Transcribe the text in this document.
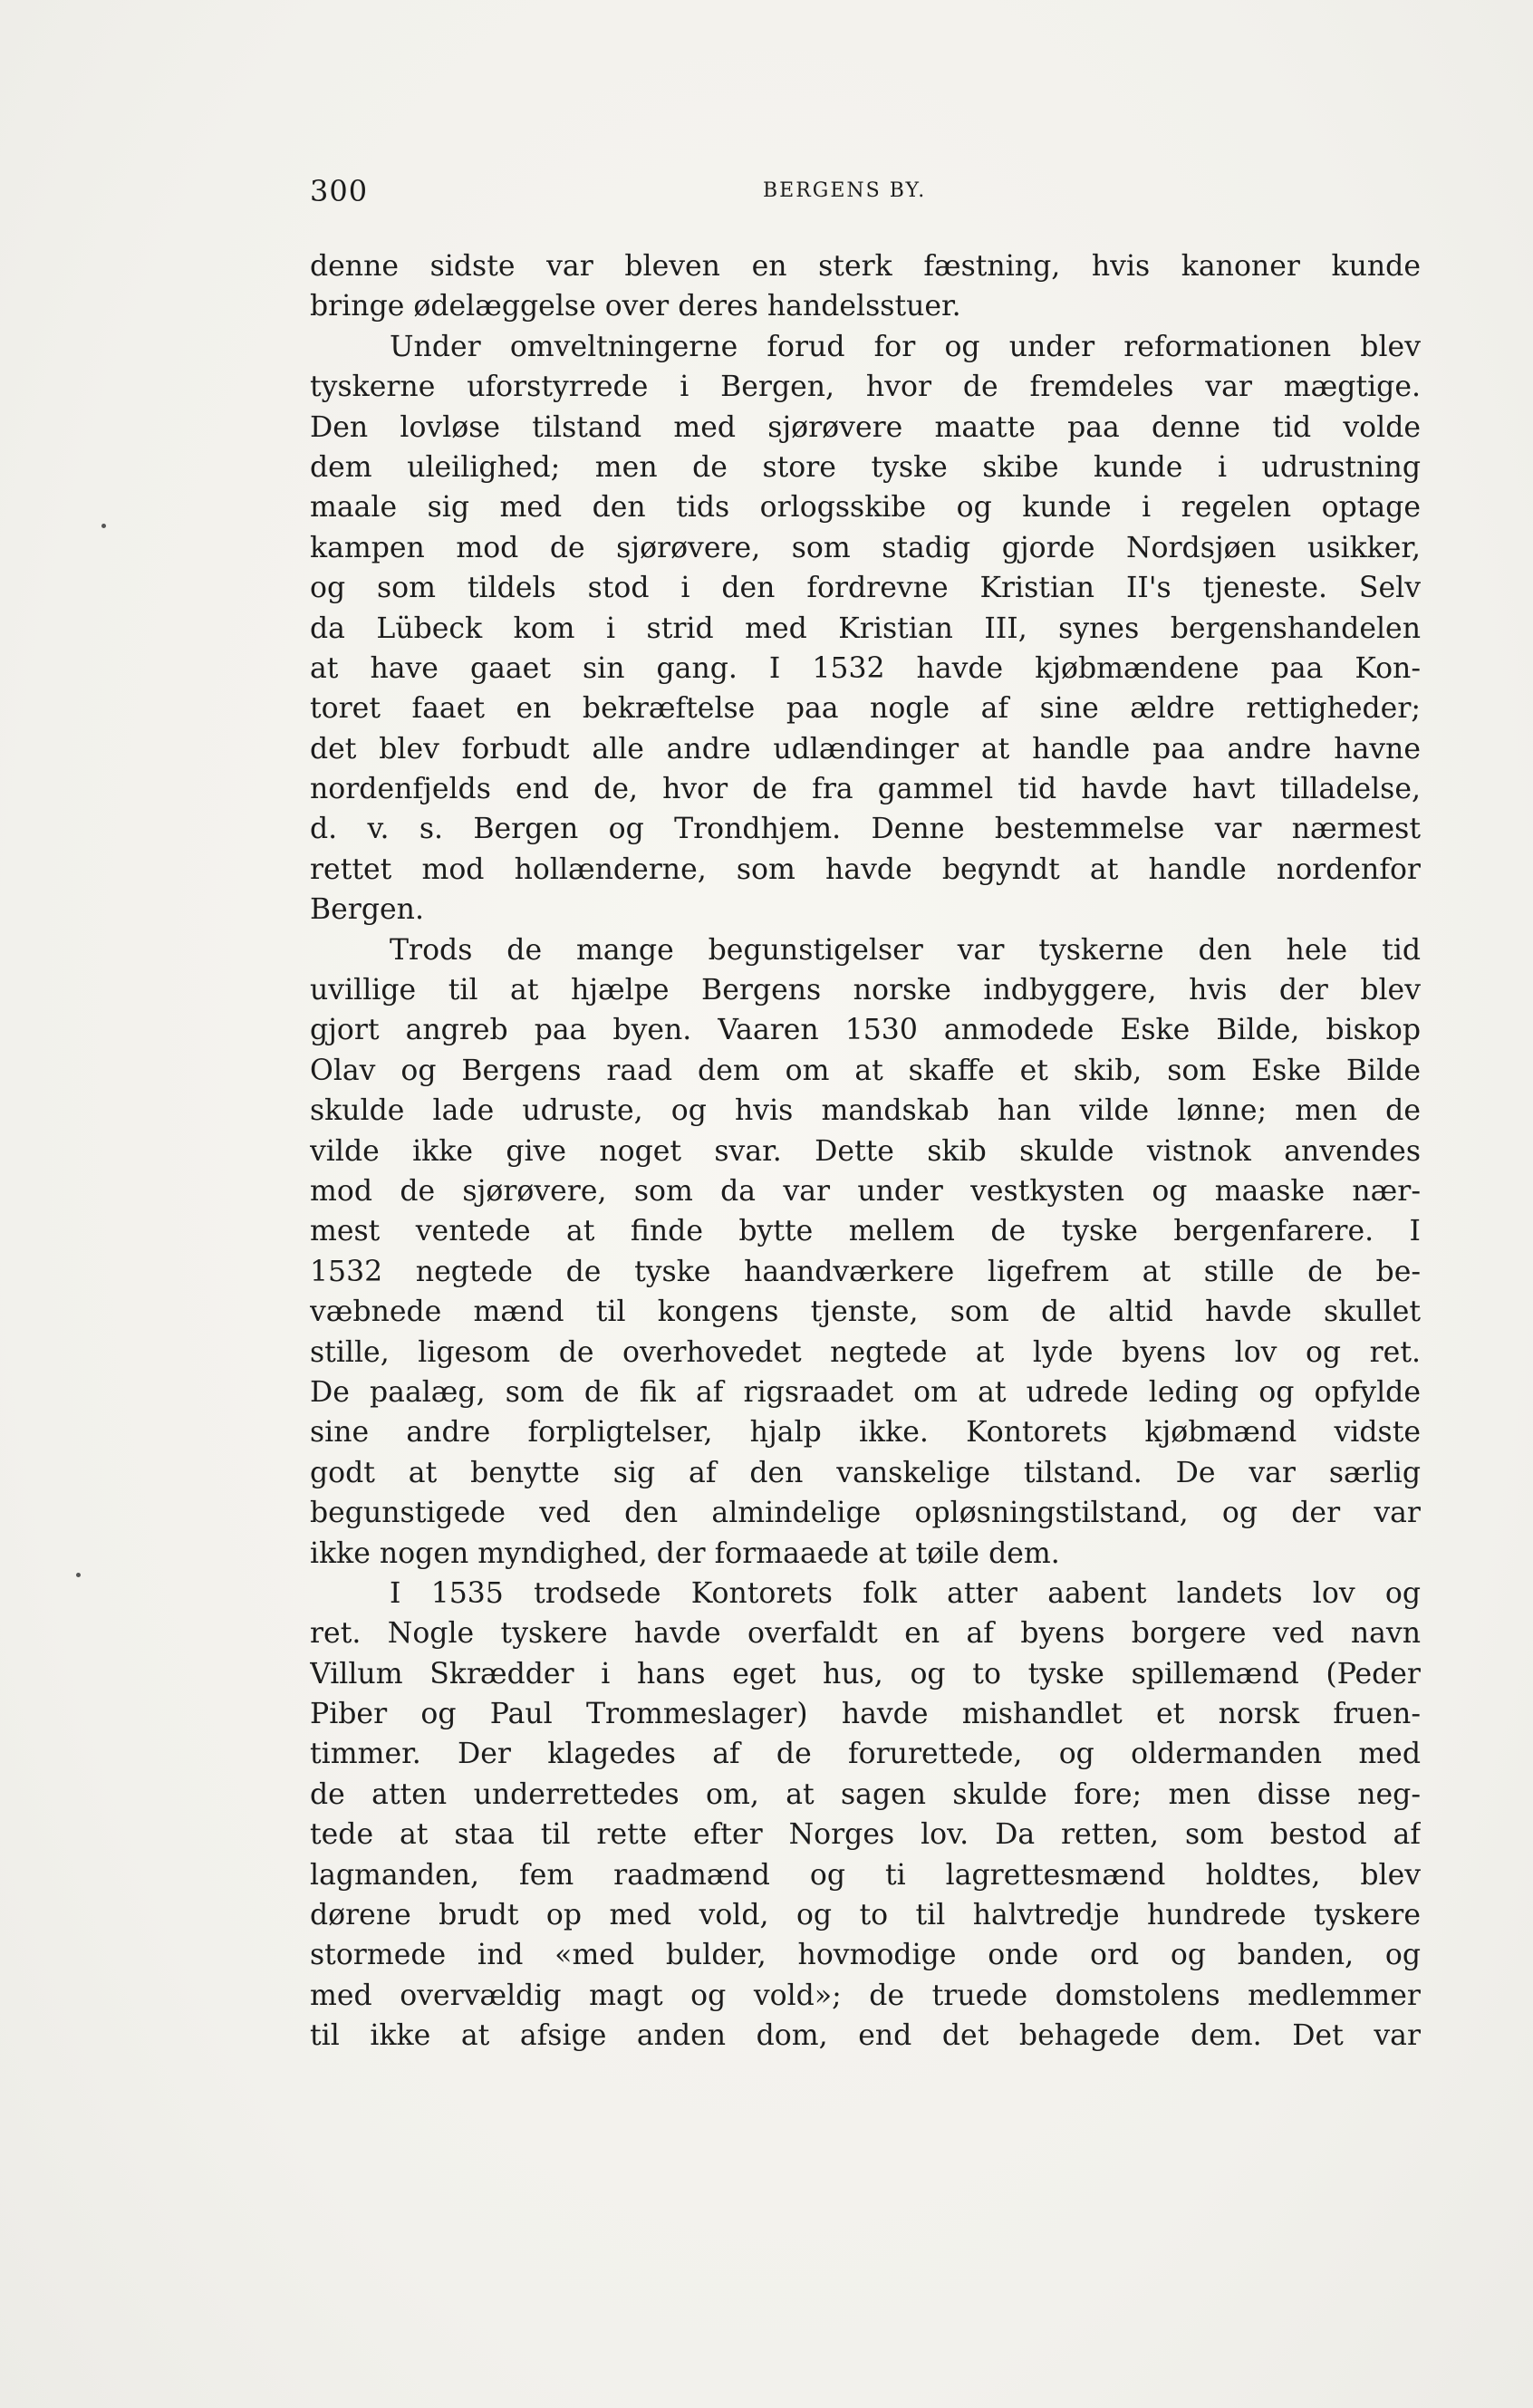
300	BERGENS BY.
denne sidste var bleven en sterk fæstning, hvis kanoner kunde
bringe ødelæggelse over deres handelsstuer.
Under omveltningerne forud for og under reformationen blev
tyskerne uforstyrrede i Bergen, hvor de fremdeles var mægtige.
Den lovløse tilstand med sjørøvere maatte paa denne tid volde
dem uleilighed; men de store tyske skibe kunde i udrustning
maale sig med den tids orlogsskibe og kunde i regelen optage
kampen mod de sjørøvere, som stadig gjorde Nordsjøen usikker,
og som tildels stod i den fordrevne Kristian II's tjeneste. Selv
da Lübeck kom i strid med Kristian III, synes bergenshandelen
at have gaaet sin gang. I 1532 havde kjøbmændene paa Kon-
toret faaet en bekræftelse paa nogle af sine ældre rettigheder;
det blev forbudt alle andre udlændinger at handle paa andre havne
nordenfjelds end de, hvor de fra gammel tid havde havt tilladelse,
d. v. s. Bergen og Trondhjem. Denne bestemmelse var nærmest
rettet mod hollænderne, som havde begyndt at handle nordenfor
Bergen.
Trods de mange begunstigelser var tyskerne den hele tid
uvillige til at hjælpe Bergens norske indbyggere, hvis der blev
gjort angreb paa byen. Vaaren 1530 anmodede Eske Bilde, biskop
Olav og Bergens raad dem om at skaffe et skib, som Eske Bilde
skulde lade udruste, og hvis mandskab han vilde lønne; men de
vilde ikke give noget svar. Dette skib skulde vistnok anvendes
mod de sjørøvere, som da var under vestkysten og maaske nær-
mest ventede at finde bytte mellem de tyske bergenfarere. I
1532 negtede de tyske haandværkere ligefrem at stille de be-
væbnede mænd til kongens tjenste, som de altid havde skullet
stille, ligesom de overhovedet negtede at lyde byens lov og ret.
De paalæg, som de fik af rigsraadet om at udrede leding og opfylde
sine andre forpligtelser, hjalp ikke. Kontorets kjøbmænd vidste
godt at benytte sig af den vanskelige tilstand. De var særlig
begunstigede ved den almindelige opløsningstilstand, og der var
ikke nogen myndighed, der formaaede at tøile dem.
I 1535 trodsede Kontorets folk atter aabent landets lov og
ret. Nogle tyskere havde overfaldt en af byens borgere ved navn
Villum Skrædder i hans eget hus, og to tyske spillemænd (Peder
Piber og Paul Trommeslager) havde mishandlet et norsk fruen-
timmer. Der klagedes af de forurettede, og oldermanden med
de atten underrettedes om, at sagen skulde fore; men disse neg-
tede at staa til rette efter Norges lov. Da retten, som bestod af
lagmanden, fem raadmænd og ti lagrettesmænd holdtes, blev
dørene brudt op med vold, og to til halvtredje hundrede tyskere
stormede ind «med bulder, hovmodige onde ord og banden, og
med overvældig magt og vold»; de truede domstolens medlemmer
til ikke at afsige anden dom, end det behagede dem. Det var
